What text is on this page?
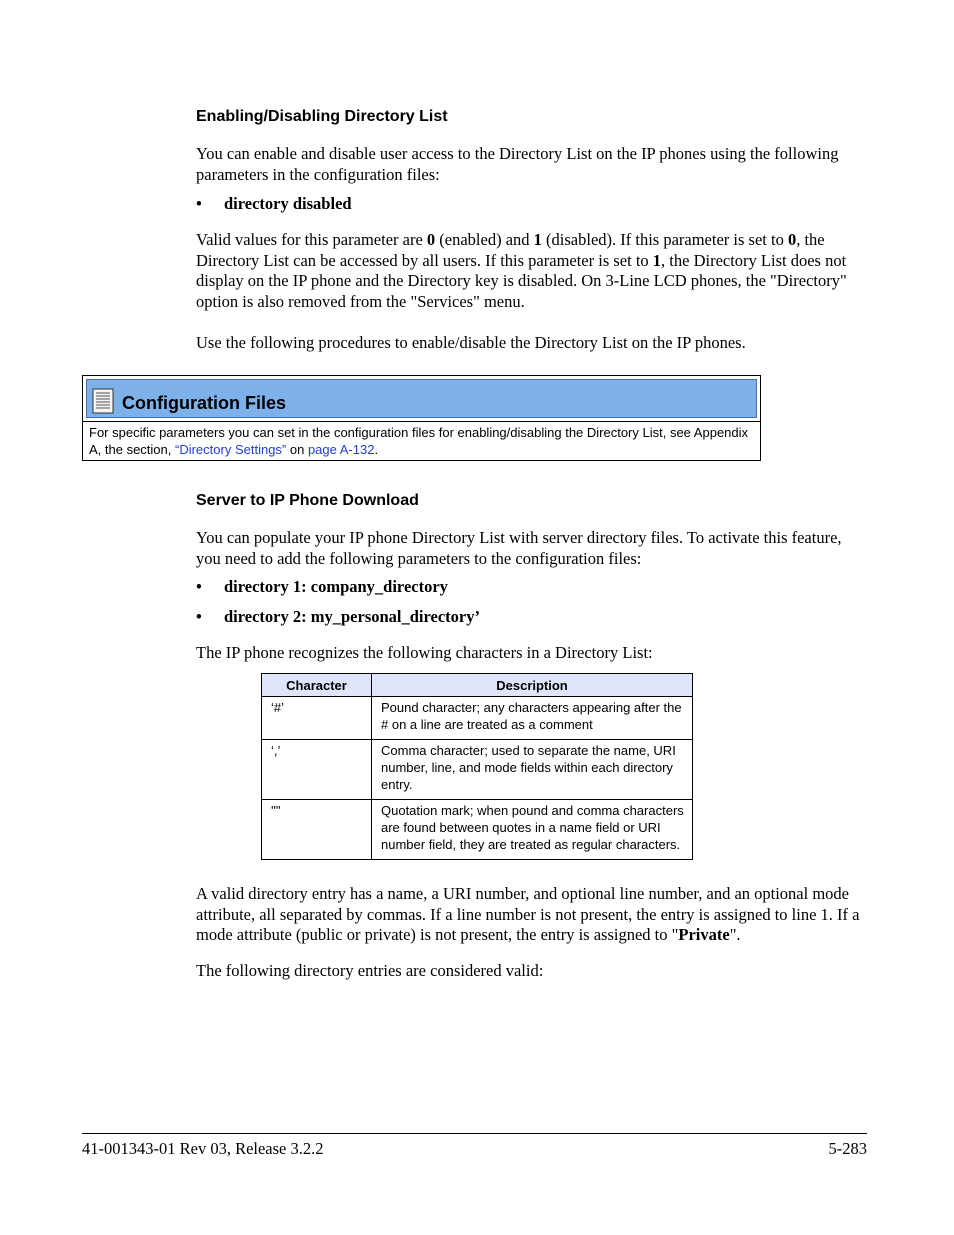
Enabling/Disabling Directory List
You can enable and disable user access to the Directory List on the IP phones using the following parameters in the configuration files:
• directory disabled
Valid values for this parameter are 0 (enabled) and 1 (disabled). If this parameter is set to 0, the Directory List can be accessed by all users. If this parameter is set to 1, the Directory List does not display on the IP phone and the Directory key is disabled. On 3-Line LCD phones, the "Directory" option is also removed from the "Services" menu.
Use the following procedures to enable/disable the Directory List on the IP phones.
Configuration Files
For specific parameters you can set in the configuration files for enabling/disabling the Directory List, see Appendix A, the section, “Directory Settings” on page A-132.
Server to IP Phone Download
You can populate your IP phone Directory List with server directory files. To activate this feature, you need to add the following parameters to the configuration files:
• directory 1: company_directory
• directory 2: my_personal_directory’
The IP phone recognizes the following characters in a Directory List:
Character	Description
‘#’	Pound character; any characters appearing after the # on a line are treated as a comment
‘,’	Comma character; used to separate the name, URI number, line, and mode fields within each directory entry.
'"'	Quotation mark; when pound and comma characters are found between quotes in a name field or URI number field, they are treated as regular characters.
A valid directory entry has a name, a URI number, and optional line number, and an optional mode attribute, all separated by commas. If a line number is not present, the entry is assigned to line 1. If a mode attribute (public or private) is not present, the entry is assigned to "Private".
The following directory entries are considered valid:
41-001343-01 Rev 03, Release 3.2.2	5-283
